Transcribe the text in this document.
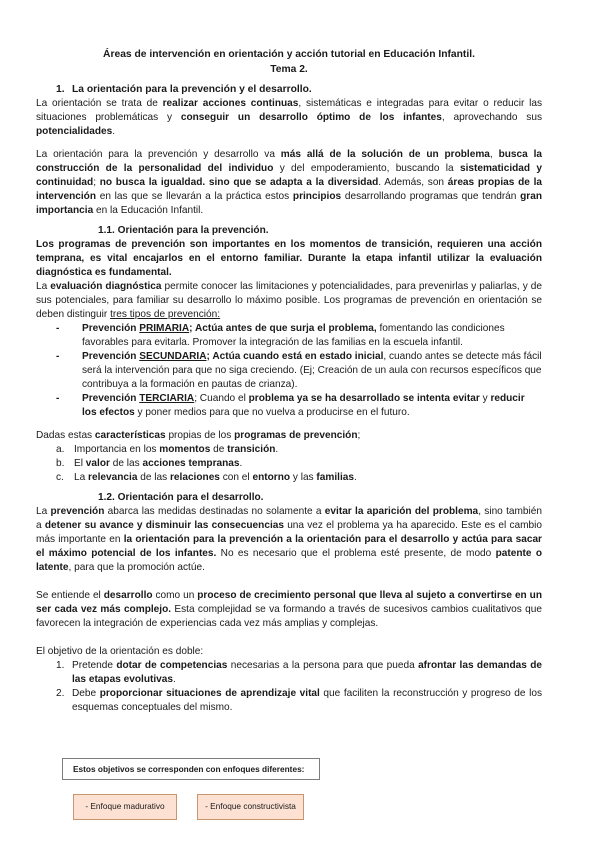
Áreas de intervención en orientación y acción tutorial en Educación Infantil.
Tema 2.

1. La orientación para la prevención y el desarrollo.

La orientación se trata de realizar acciones continuas, sistemáticas e integradas para evitar o reducir las situaciones problemáticas y conseguir un desarrollo óptimo de los infantes, aprovechando sus potencialidades.

La orientación para la prevención y desarrollo va más allá de la solución de un problema, busca la construcción de la personalidad del individuo y del empoderamiento, buscando la sistematicidad y continuidad; no busca la igualdad. sino que se adapta a la diversidad. Además, son áreas propias de la intervención en las que se llevarán a la práctica estos principios desarrollando programas que tendrán gran importancia en la Educación Infantil.

1.1. Orientación para la prevención.

Los programas de prevención son importantes en los momentos de transición, requieren una acción temprana, es vital encajarlos en el entorno familiar. Durante la etapa infantil utilizar la evaluación diagnóstica es fundamental.

La evaluación diagnóstica permite conocer las limitaciones y potencialidades, para prevenirlas y paliarlas, y de sus potenciales, para familiar su desarrollo lo máximo posible. Los programas de prevención en orientación se deben distinguir tres tipos de prevención:

- Prevención PRIMARIA; Actúa antes de que surja el problema, fomentando las condiciones favorables para evitarla. Promover la integración de las familias en la escuela infantil.
- Prevención SECUNDARIA; Actúa cuando está en estado inicial, cuando antes se detecte más fácil será la intervención para que no siga creciendo. (Ej; Creación de un aula con recursos específicos que contribuya a la formación en pautas de crianza).
- Prevención TERCIARIA; Cuando el problema ya se ha desarrollado se intenta evitar y reducir los efectos y poner medios para que no vuelva a producirse en el futuro.

Dadas estas características propias de los programas de prevención;

a. Importancia en los momentos de transición.
b. El valor de las acciones tempranas.
c. La relevancia de las relaciones con el entorno y las familias.
1.2. Orientación para el desarrollo.

La prevención abarca las medidas destinadas no solamente a evitar la aparición del problema, sino también a detener su avance y disminuir las consecuencias una vez el problema ya ha aparecido. Este es el cambio más importante en la orientación para la prevención a la orientación para el desarrollo y actúa para sacar el máximo potencial de los infantes. No es necesario que el problema esté presente, de modo patente o latente, para que la promoción actúe.

Se entiende el desarrollo como un proceso de crecimiento personal que lleva al sujeto a convertirse en un ser cada vez más complejo. Esta complejidad se va formando a través de sucesivos cambios cualitativos que favorecen la integración de experiencias cada vez más amplias y complejas.

El objetivo de la orientación es doble:

1. Pretende dotar de competencias necesarias a la persona para que pueda afrontar las demandas de las etapas evolutivas.
2. Debe proporcionar situaciones de aprendizaje vital que faciliten la reconstrucción y progreso de los esquemas conceptuales del mismo.
Estos objetivos se corresponden con enfoques diferentes:
- Enfoque madurativo	- Enfoque constructivista
